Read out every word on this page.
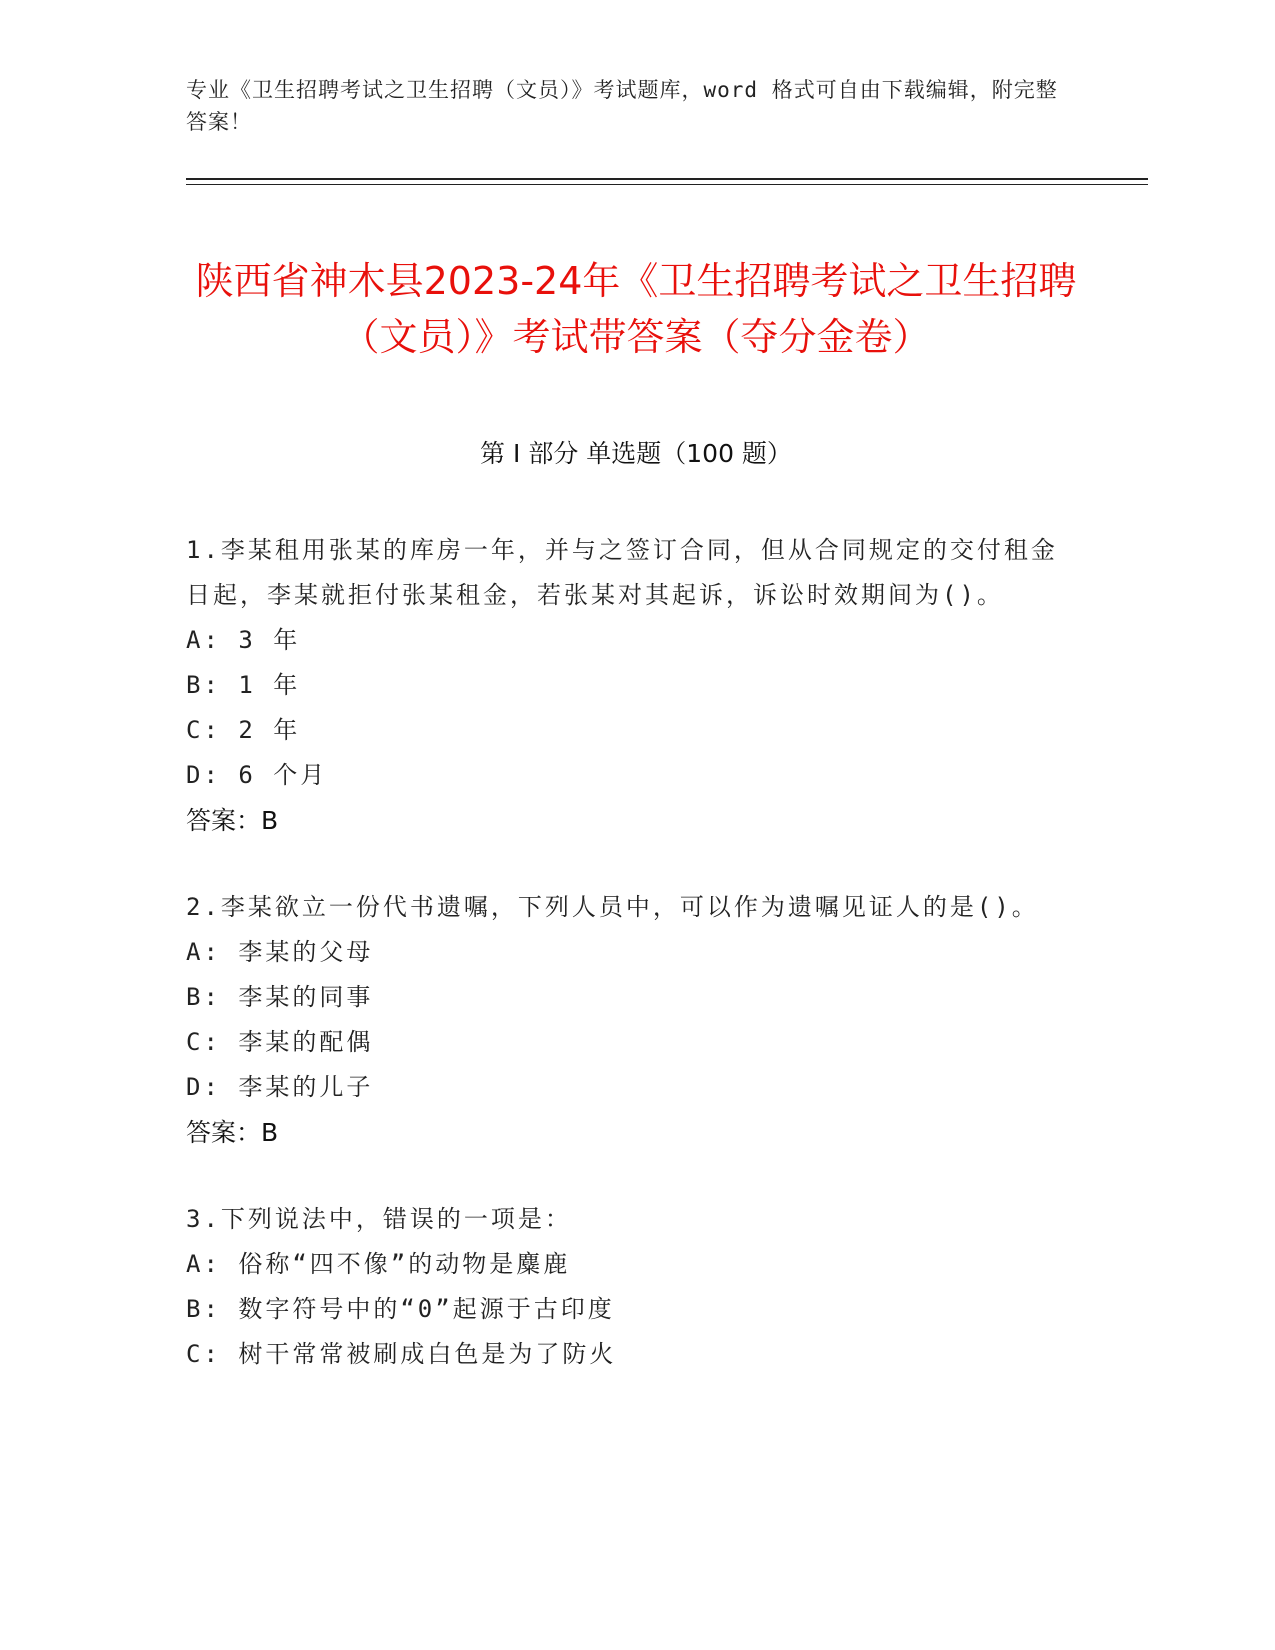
专业《卫生招聘考试之卫生招聘（文员）》考试题库，word 格式可自由下载编辑，附完整答案！
陕西省神木县2023-24年《卫生招聘考试之卫生招聘（文员）》考试带答案（夺分金卷）
第 I 部分 单选题（100 题）

1.李某租用张某的库房一年，并与之签订合同，但从合同规定的交付租金日起，李某就拒付张某租金，若张某对其起诉，诉讼时效期间为()。

A: 3 年

B: 1 年

C: 2 年

D: 6 个月

答案：B

2.李某欲立一份代书遗嘱，下列人员中，可以作为遗嘱见证人的是()。

A: 李某的父母

B: 李某的同事

C: 李某的配偶

D: 李某的儿子

答案：B

3.下列说法中，错误的一项是：

A: 俗称“四不像”的动物是麋鹿

B: 数字符号中的“0”起源于古印度

C: 树干常常被刷成白色是为了防火
